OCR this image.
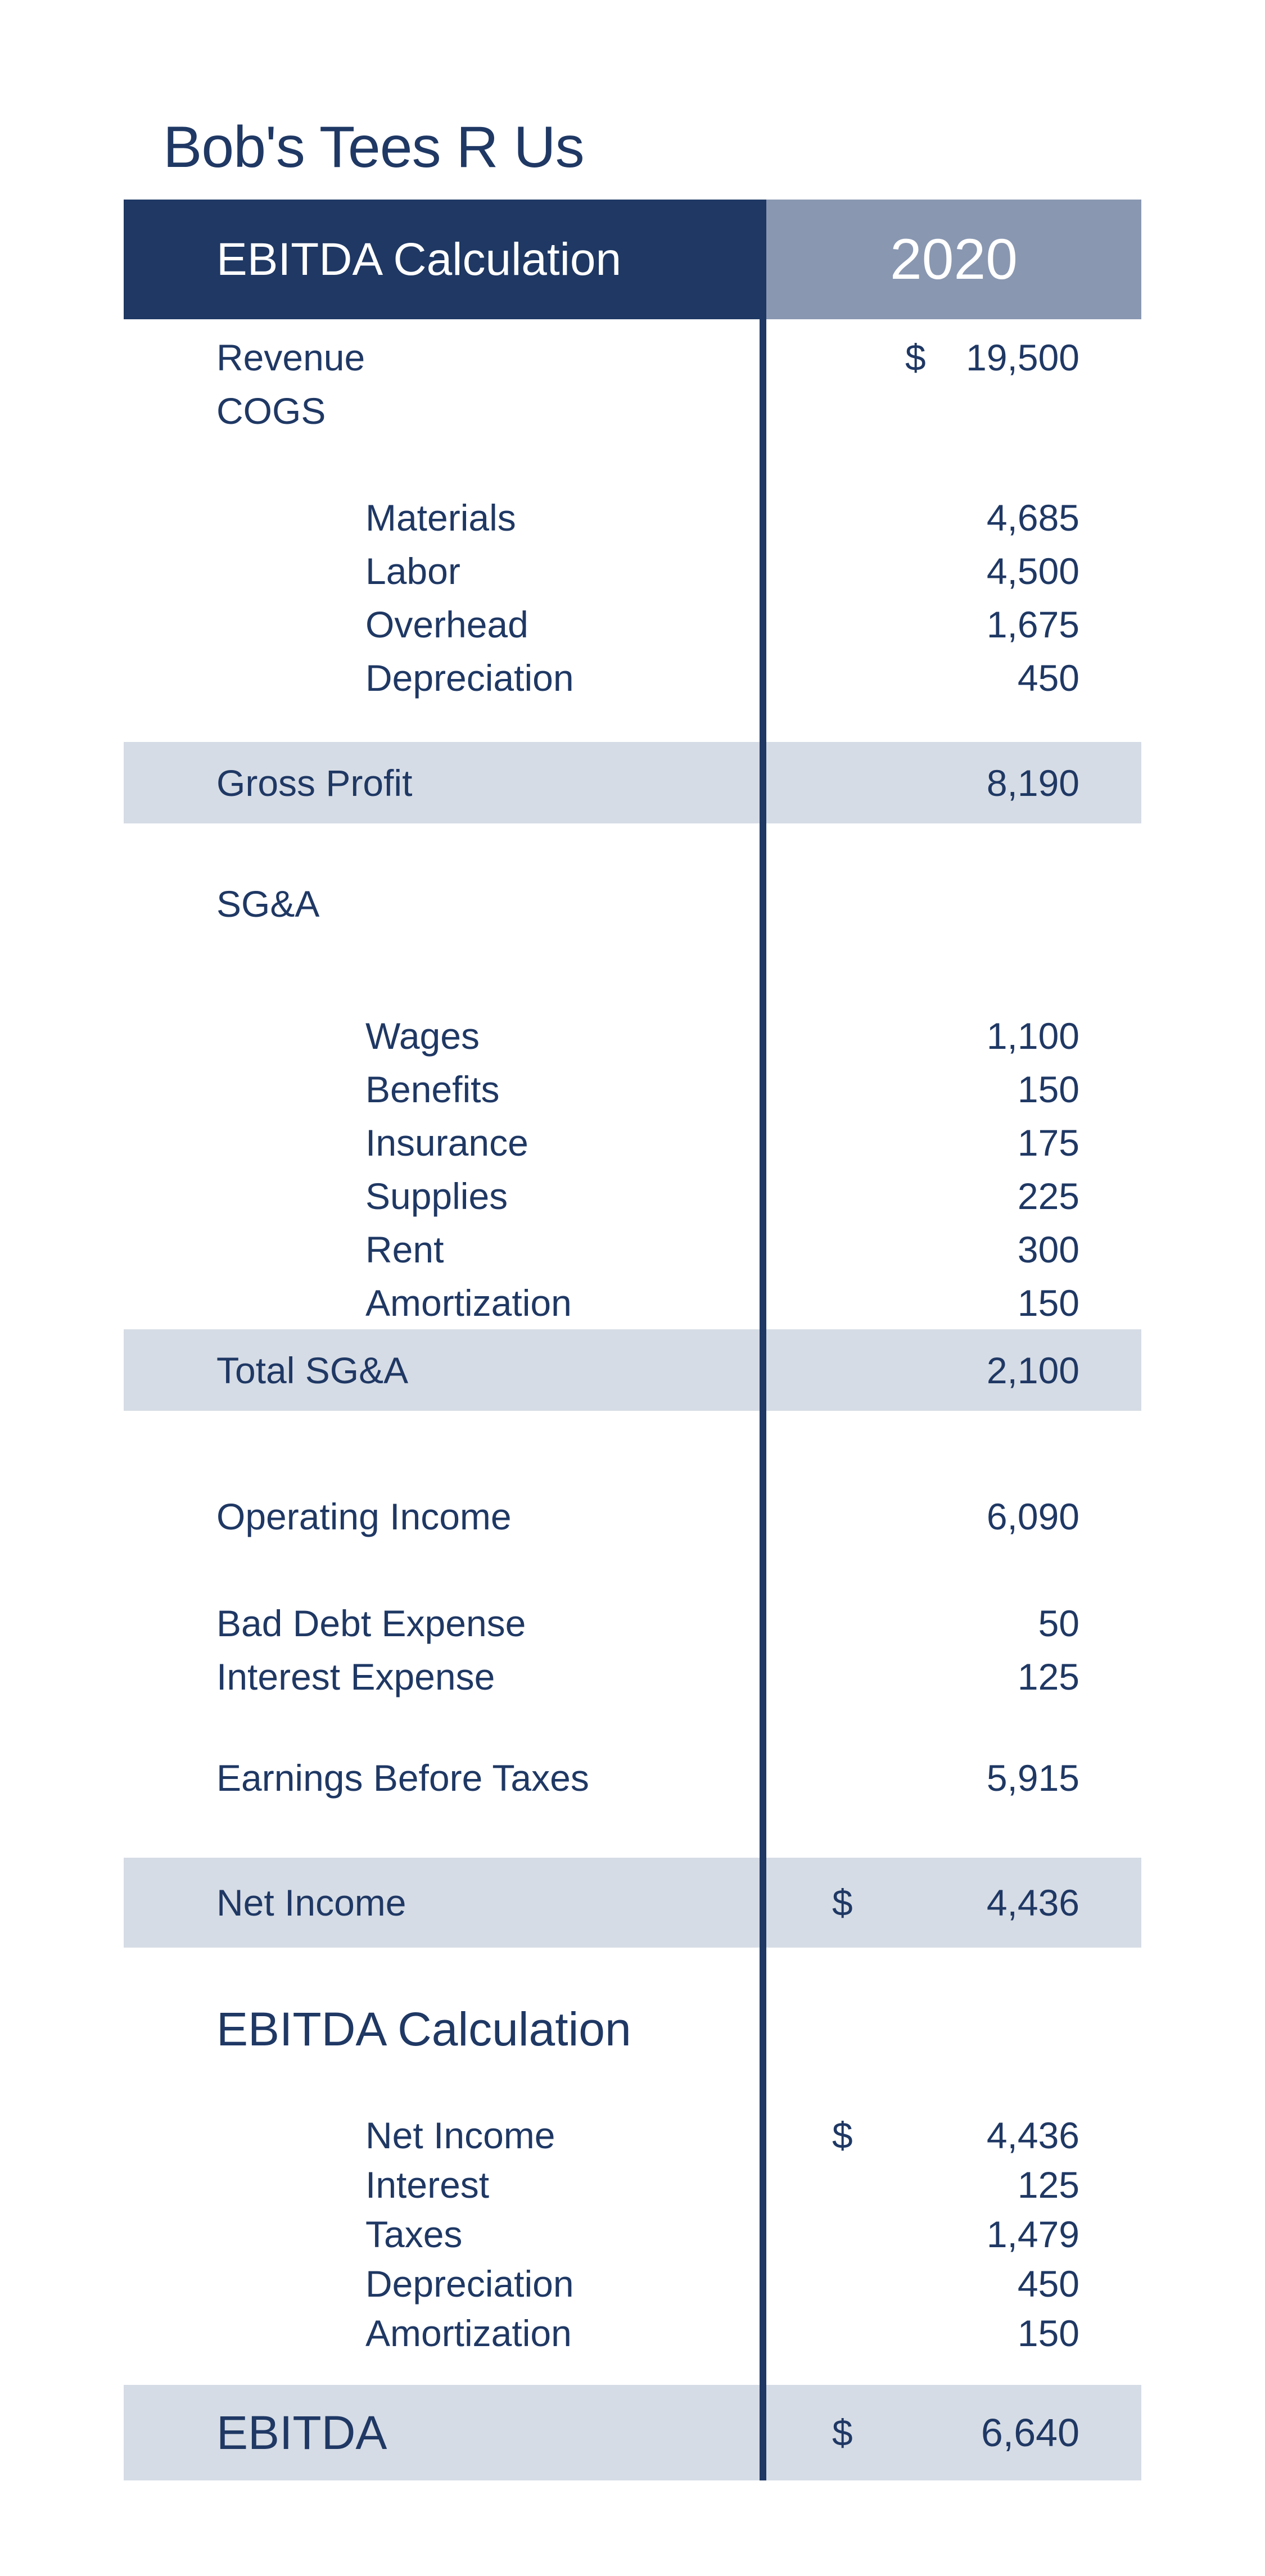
Bob's Tees R Us
EBITDA Calculation	2020
Revenue	$ 19,500
COGS
Materials	4,685
Labor	4,500
Overhead	1,675
Depreciation	450
Gross Profit	8,190
SG&A
Wages	1,100
Benefits	150
Insurance	175
Supplies	225
Rent	300
Amortization	150
Total SG&A	2,100
Operating Income	6,090
Bad Debt Expense	50
Interest Expense	125
Earnings Before Taxes	5,915
Net Income	$	4,436
EBITDA Calculation
Net Income	$	4,436
Interest	125
Taxes	1,479
Depreciation	450
Amortization	150
EBITDA	$	6,640
